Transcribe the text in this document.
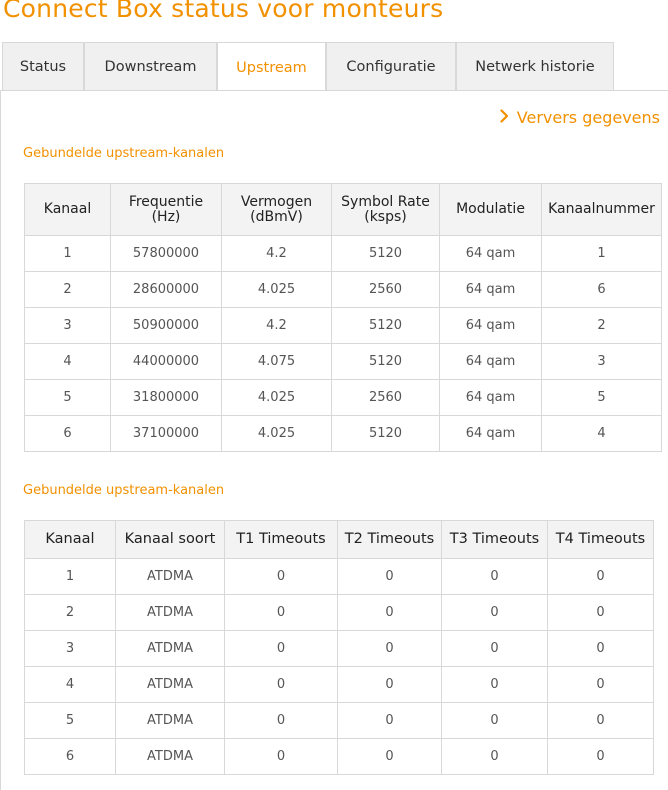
Connect Box status voor monteurs
Status	Downstream	Upstream	Configuratie	Netwerk historie
Ververs gegevens
Gebundelde upstream-kanalen
Kanaal	Frequentie (Hz)	Vermogen (dBmV)	Symbol Rate (ksps)	Modulatie	Kanaalnummer
1	57800000	4.2	5120	64 qam	1
2	28600000	4.025	2560	64 qam	6
3	50900000	4.2	5120	64 qam	2
4	44000000	4.075	5120	64 qam	3
5	31800000	4.025	2560	64 qam	5
6	37100000	4.025	5120	64 qam	4
Gebundelde upstream-kanalen
Kanaal	Kanaal soort	T1 Timeouts	T2 Timeouts	T3 Timeouts	T4 Timeouts
1	ATDMA	0	0	0	0
2	ATDMA	0	0	0	0
3	ATDMA	0	0	0	0
4	ATDMA	0	0	0	0
5	ATDMA	0	0	0	0
6	ATDMA	0	0	0	0
